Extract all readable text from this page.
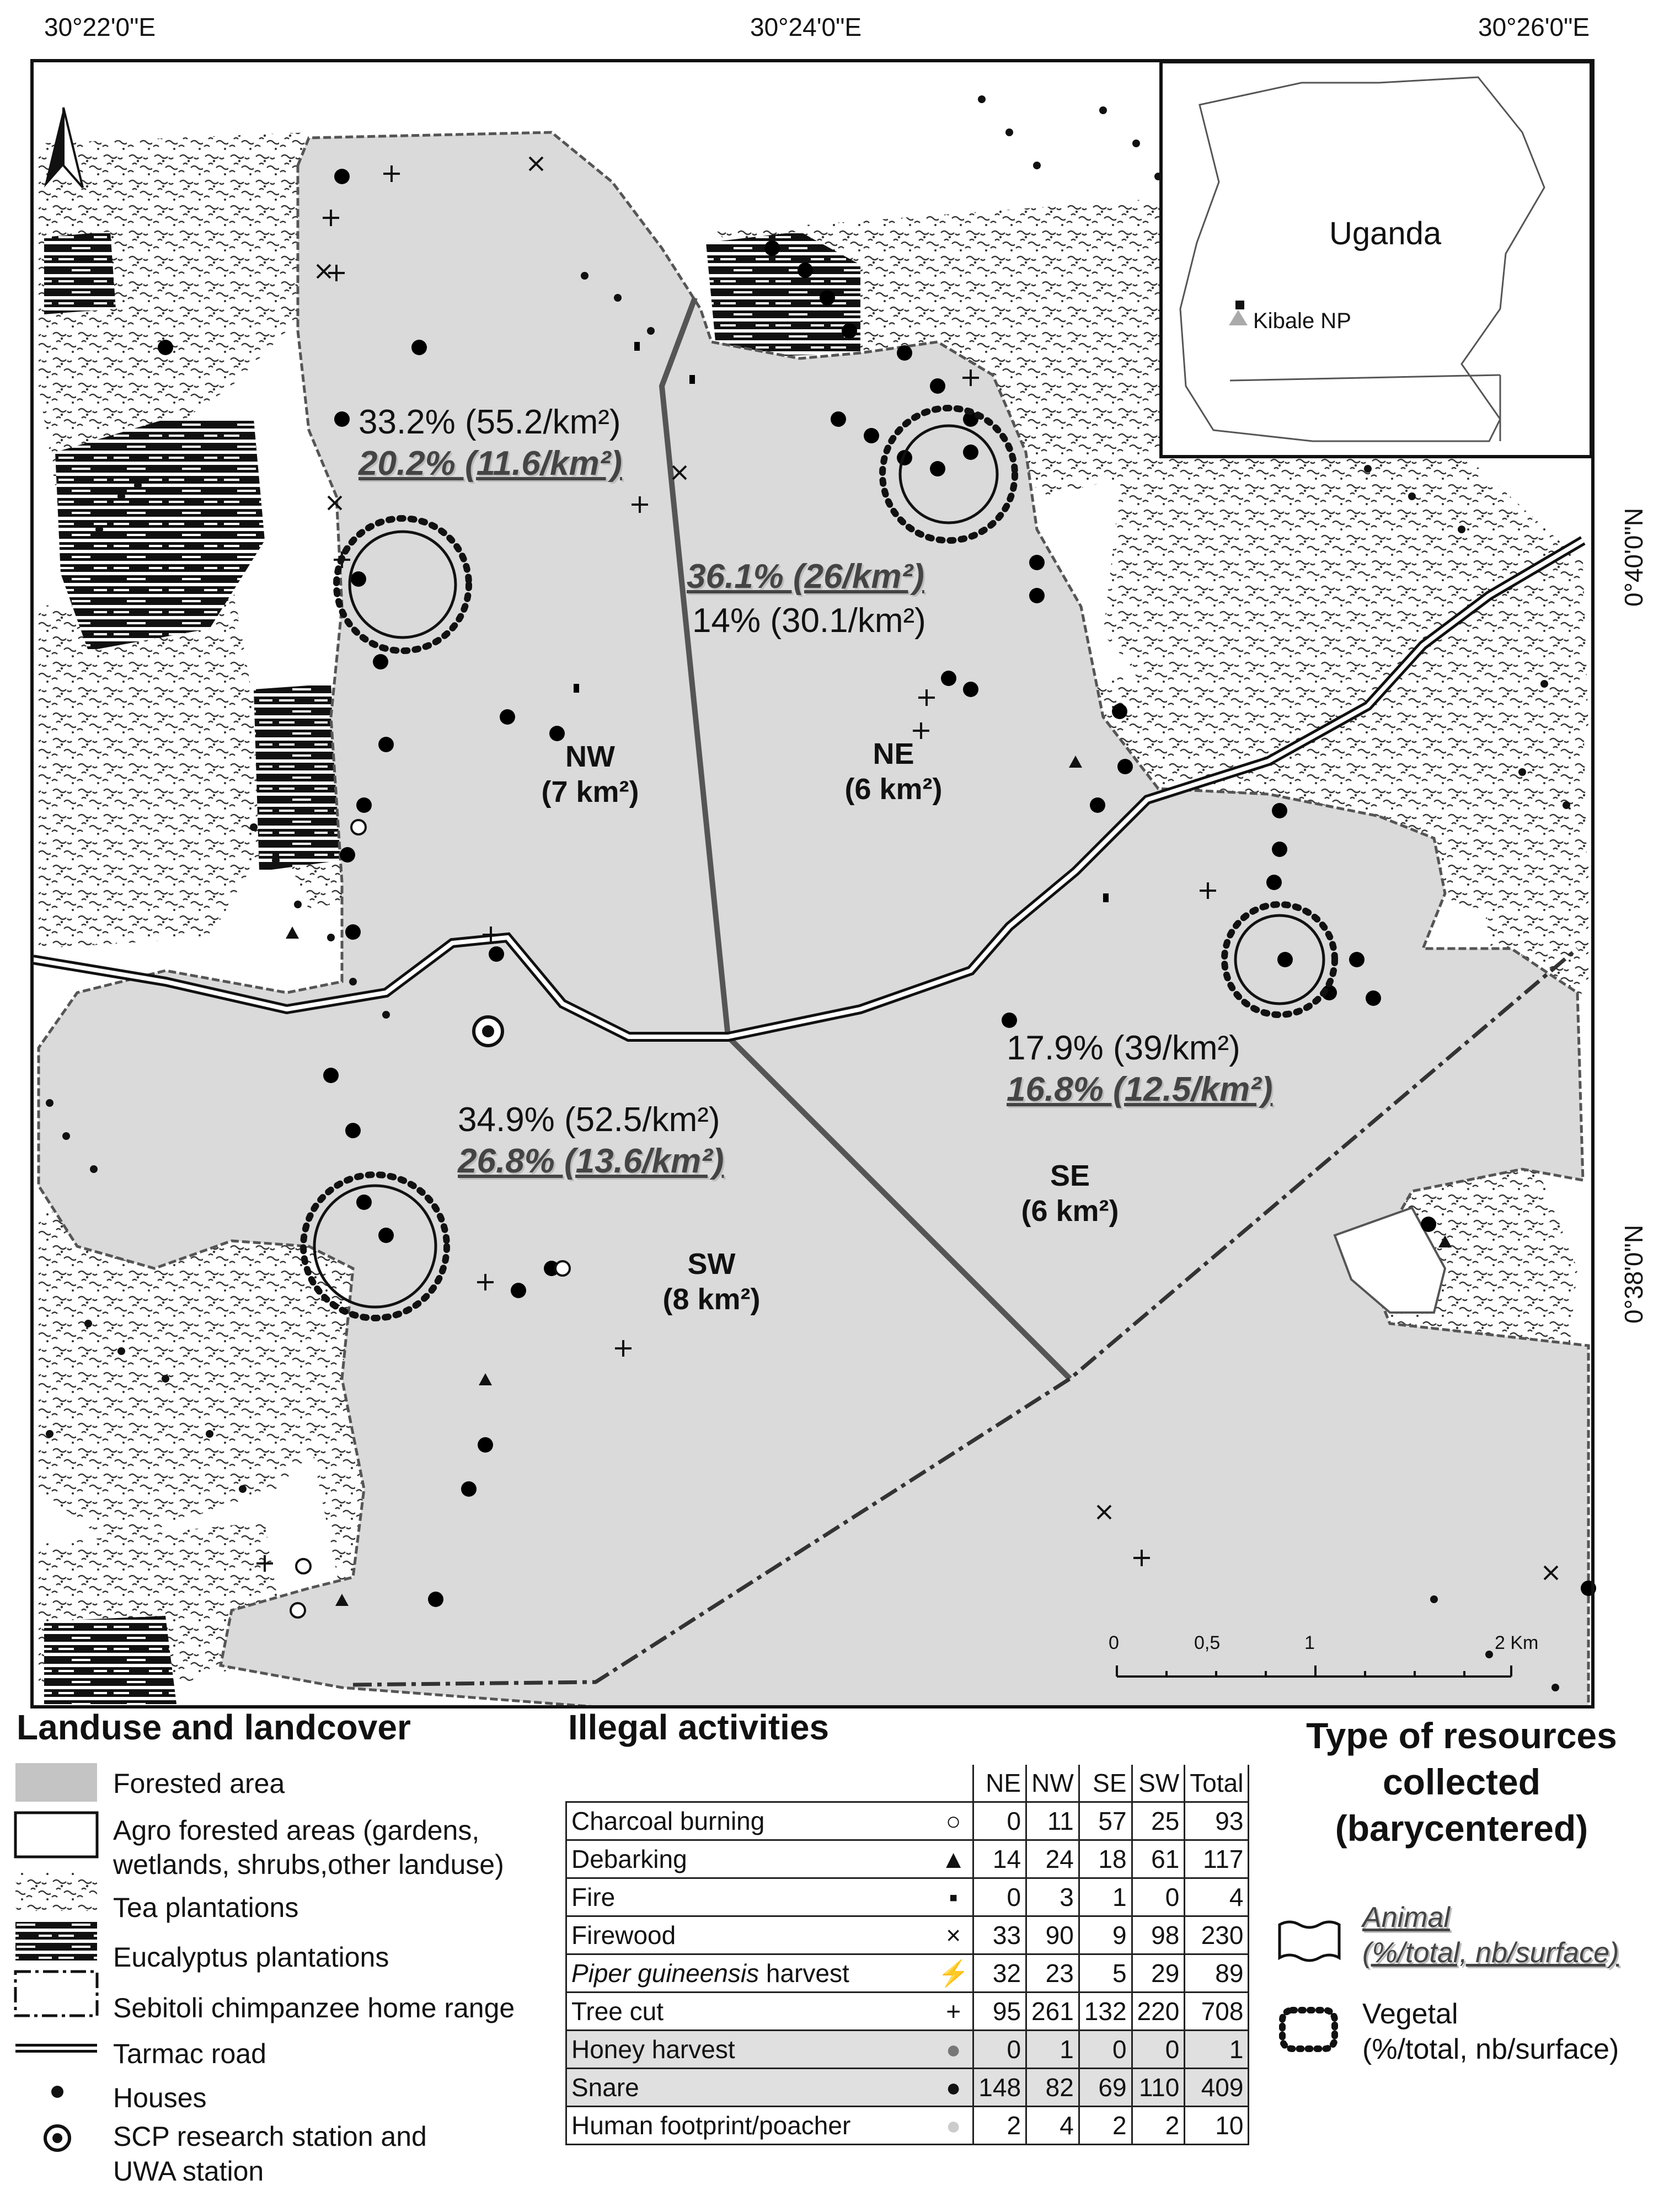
30°22'0"E	30°24'0"E	30°26'0"E
0°40'0"N
0°38'0"N
Uganda
Kibale NP
0	0,5	1	2 Km
33.2% (55.2/km²)
20.2% (11.6/km²)
36.1% (26/km²)
14% (30.1/km²)
17.9% (39/km²)
16.8% (12.5/km²)
34.9% (52.5/km²)
26.8% (13.6/km²)
NW
(7 km²)
NE
(6 km²)
SE
(6 km²)
SW
(8 km²)
Landuse and landcover
Forested area
Agro forested areas (gardens,
wetlands, shrubs,other landuse)
Tea plantations
Eucalyptus plantations
Sebitoli chimpanzee home range
Tarmac road
Houses
SCP research station and
UWA station
Illegal activities
		NE	NW	SE	SW	Total
Charcoal burning	○	0	11	57	25	93
Debarking	▲	14	24	18	61	117
Fire	▪	0	3	1	0	4
Firewood	×	33	90	9	98	230
Piper guineensis harvest	⚡	32	23	5	29	89
Tree cut	+	95	261	132	220	708
Honey harvest	●	0	1	0	0	1
Snare	●	148	82	69	110	409
Human footprint/poacher	●	2	4	2	2	10
Type of resources
collected
(barycentered)
Animal
(%/total, nb/surface)
Vegetal
(%/total, nb/surface)
